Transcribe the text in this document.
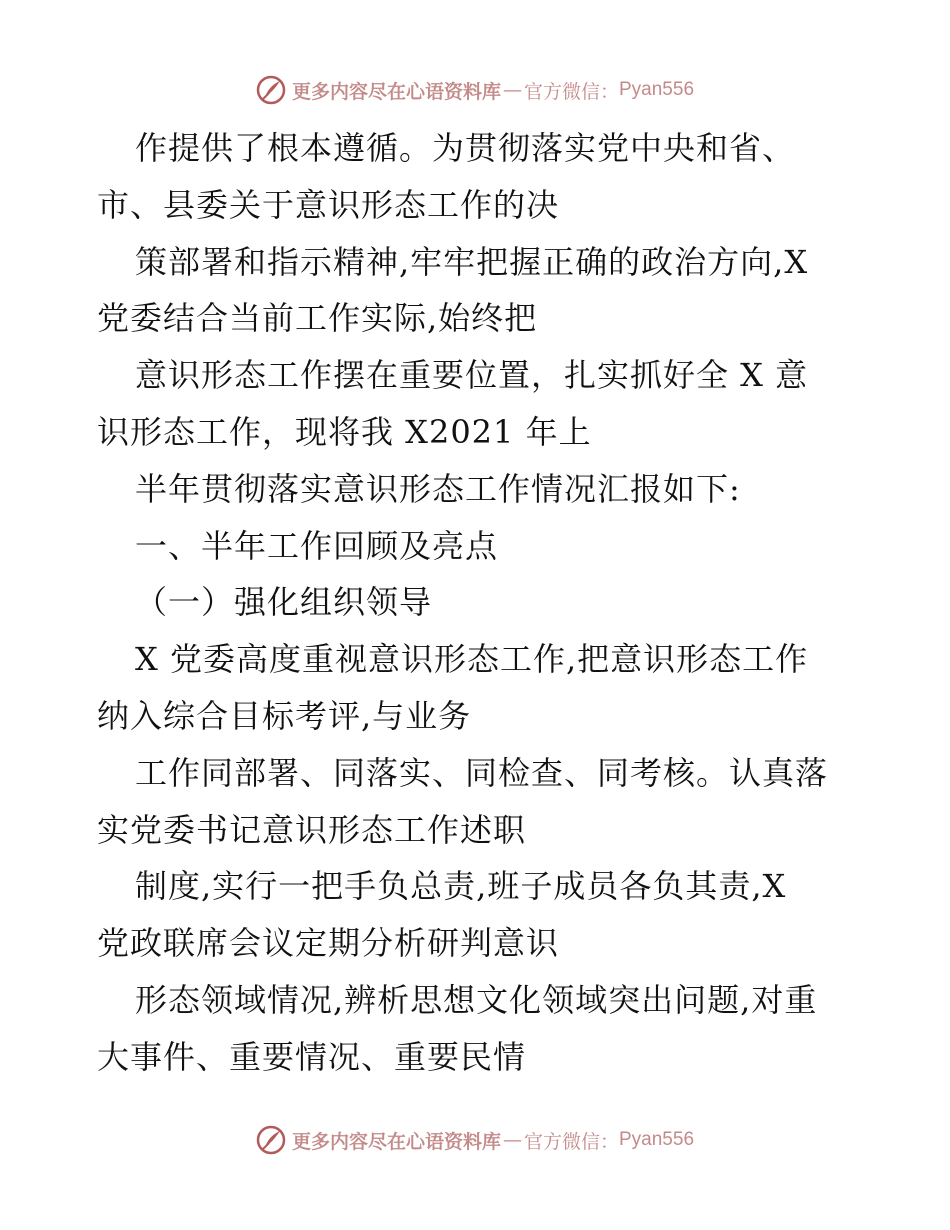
更多内容尽在心语资料库 — 官方微信： Pyan556
作提供了根本遵循。为贯彻落实党中央和省、
市、县委关于意识形态工作的决
策部署和指示精神,牢牢把握正确的政治方向,X
党委结合当前工作实际,始终把
意识形态工作摆在重要位置，扎实抓好全 X 意
识形态工作，现将我 X2021 年上
半年贯彻落实意识形态工作情况汇报如下:
一、半年工作回顾及亮点
（一）强化组织领导
X 党委高度重视意识形态工作,把意识形态工作
纳入综合目标考评,与业务
工作同部署、同落实、同检查、同考核。认真落
实党委书记意识形态工作述职
制度,实行一把手负总责,班子成员各负其责,X
党政联席会议定期分析研判意识
形态领域情况,辨析思想文化领域突出问题,对重
大事件、重要情况、重要民情
更多内容尽在心语资料库 — 官方微信： Pyan556
